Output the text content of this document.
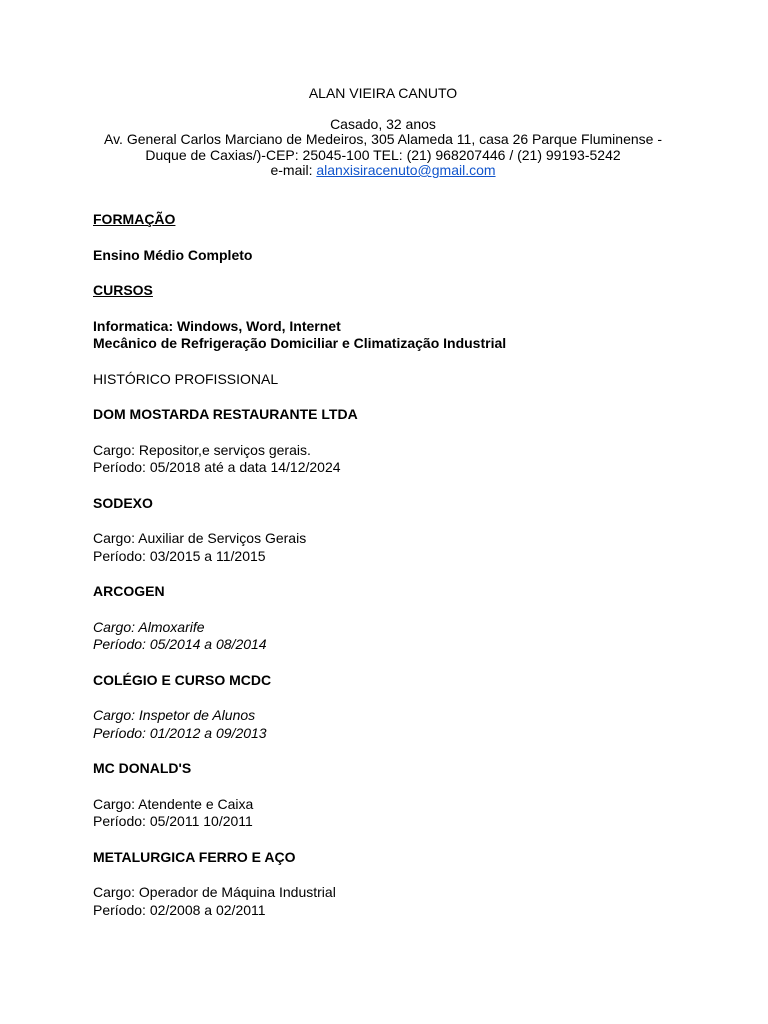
ALAN VIEIRA CANUTO
Casado, 32 anos
Av. General Carlos Marciano de Medeiros, 305 Alameda 11, casa 26 Parque Fluminense -
Duque de Caxias/)-CEP: 25045-100 TEL: (21) 968207446 / (21) 99193-5242
e-mail: alanxisiracenuto@gmail.com
FORMAÇÃO
Ensino Médio Completo
CURSOS
Informatica: Windows, Word, Internet
Mecânico de Refrigeração Domiciliar e Climatização Industrial
HISTÓRICO PROFISSIONAL
DOM MOSTARDA RESTAURANTE LTDA
Cargo: Repositor,e serviços gerais.
Período: 05/2018 até a data 14/12/2024
SODEXO
Cargo: Auxiliar de Serviços Gerais
Período: 03/2015 a 11/2015
ARCOGEN
Cargo: Almoxarife
Período: 05/2014 a 08/2014
COLÉGIO E CURSO MCDC
Cargo: Inspetor de Alunos
Período: 01/2012 a 09/2013
MC DONALD'S
Cargo: Atendente e Caixa
Período: 05/2011 10/2011
METALURGICA FERRO E AÇO
Cargo: Operador de Máquina Industrial
Período: 02/2008 a 02/2011
